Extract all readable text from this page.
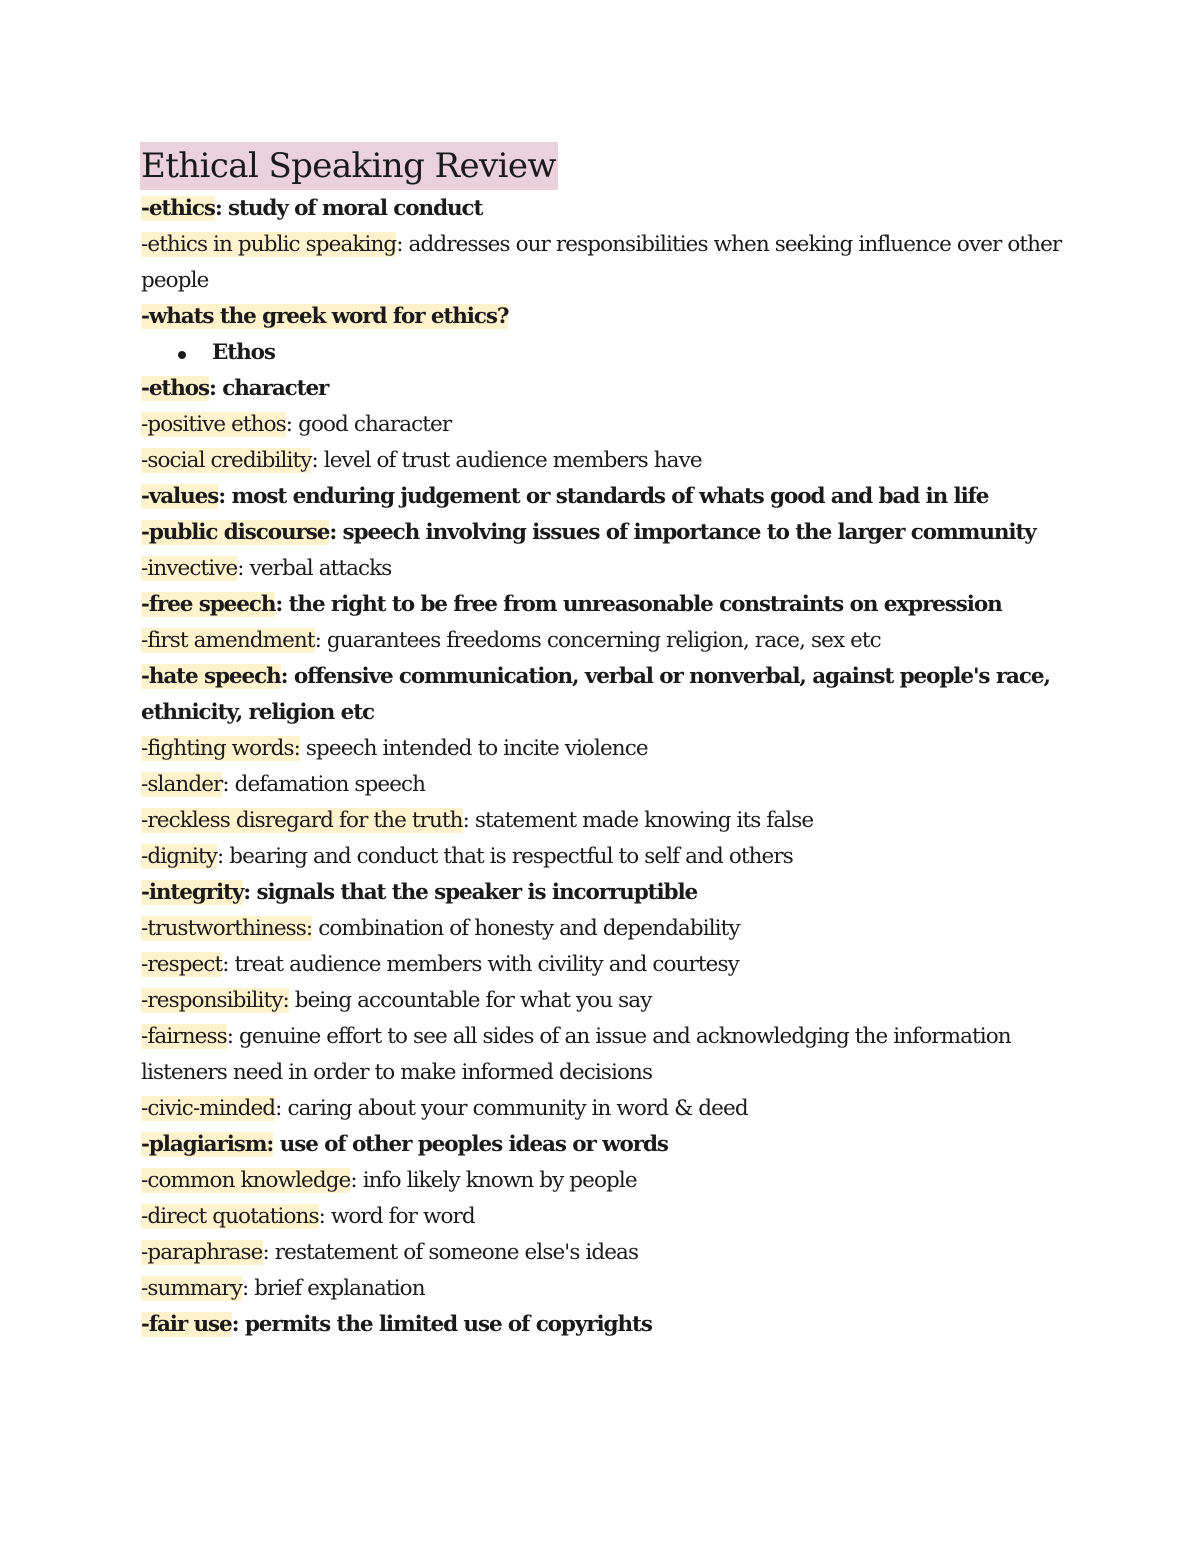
Ethical Speaking Review
-ethics: study of moral conduct
-ethics in public speaking: addresses our responsibilities when seeking influence over other people
-whats the greek word for ethics?
Ethos
-ethos: character
-positive ethos: good character
-social credibility: level of trust audience members have
-values: most enduring judgement or standards of whats good and bad in life
-public discourse: speech involving issues of importance to the larger community
-invective: verbal attacks
-free speech: the right to be free from unreasonable constraints on expression
-first amendment: guarantees freedoms concerning religion, race, sex etc
-hate speech: offensive communication, verbal or nonverbal, against people's race, ethnicity, religion etc
-fighting words: speech intended to incite violence
-slander: defamation speech
-reckless disregard for the truth: statement made knowing its false
-dignity: bearing and conduct that is respectful to self and others
-integrity: signals that the speaker is incorruptible
-trustworthiness: combination of honesty and dependability
-respect: treat audience members with civility and courtesy
-responsibility: being accountable for what you say
-fairness: genuine effort to see all sides of an issue and acknowledging the information listeners need in order to make informed decisions
-civic-minded: caring about your community in word & deed
-plagiarism: use of other peoples ideas or words
-common knowledge: info likely known by people
-direct quotations: word for word
-paraphrase: restatement of someone else's ideas
-summary: brief explanation
-fair use: permits the limited use of copyrights
